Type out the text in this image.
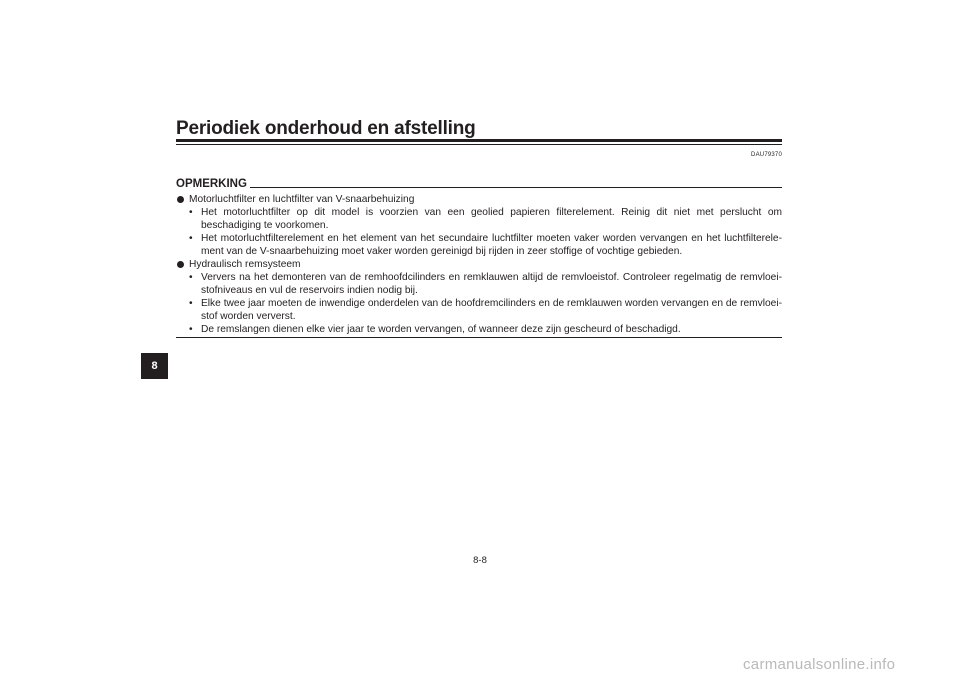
Periodiek onderhoud en afstelling
DAU79370
OPMERKING
Motorluchtfilter en luchtfilter van V-snaarbehuizing
• Het motorluchtfilter op dit model is voorzien van een geolied papieren filterelement. Reinig dit niet met perslucht om beschadiging te voorkomen.
• Het motorluchtfilterelement en het element van het secundaire luchtfilter moeten vaker worden vervangen en het luchtfilterele-ment van de V-snaarbehuizing moet vaker worden gereinigd bij rijden in zeer stoffige of vochtige gebieden.
Hydraulisch remsysteem
• Ververs na het demonteren van de remhoofdcilinders en remklauwen altijd de remvloeistof. Controleer regelmatig de remvloei-stofniveaus en vul de reservoirs indien nodig bij.
• Elke twee jaar moeten de inwendige onderdelen van de hoofdremcilinders en de remklauwen worden vervangen en de remvloei-stof worden ververst.
• De remslangen dienen elke vier jaar te worden vervangen, of wanneer deze zijn gescheurd of beschadigd.
8
8-8
carmanualsonline.info
